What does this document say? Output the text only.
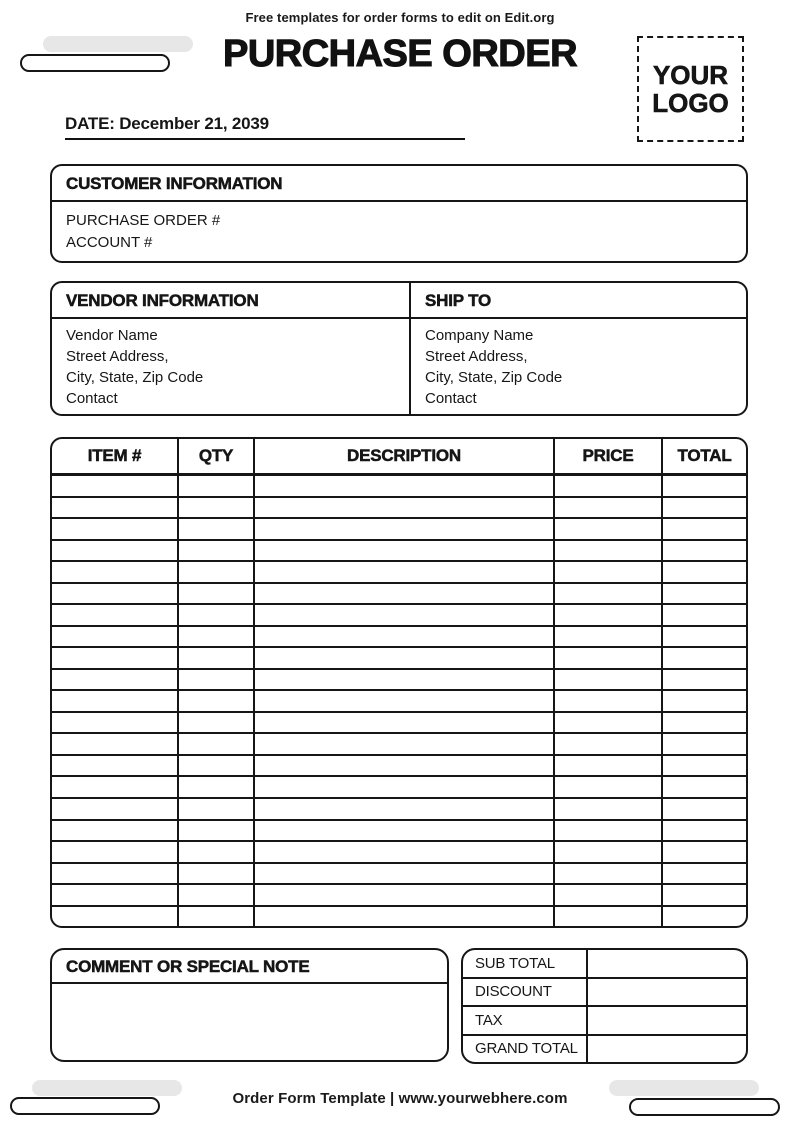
Free templates for order forms to edit on Edit.org
PURCHASE ORDER	YOUR
LOGO
DATE: December 21, 2039
CUSTOMER INFORMATION
PURCHASE ORDER #
ACCOUNT #
VENDOR INFORMATION
Vendor Name
Street Address,
City, State, Zip Code
Contact
SHIP TO
Company Name
Street Address,
City, State, Zip Code
Contact
ITEM #	QTY	DESCRIPTION	PRICE	TOTAL
COMMENT OR SPECIAL NOTE	SUB TOTAL
DISCOUNT
TAX
GRAND TOTAL
Order Form Template | www.yourwebhere.com
